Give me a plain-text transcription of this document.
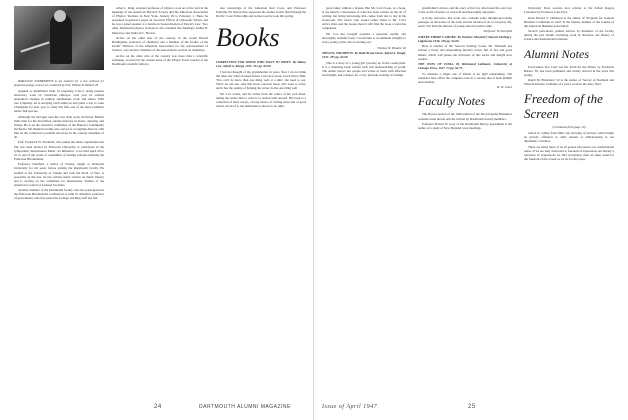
BAROLOGY EXPERIMENTS to get material for a new textbook for proposed geology courses are conducted by Prof. William W. Ballard '28

graphed or multilithed form. In preparing it he is doing pioneer laboratory work on vertebrate embryos. Last year he studied anatomical changes in salmon, salamander, trout, and others. With rare sympathy, he is studying pitch embryos and plans a trip to Lake Champlain for next year to study bill fish, one of the most primitive native fish species.

Although the biologist uses his own slide work, Professor Ballard finds time for his diversified outside interests in music, drawing, and bridge. He is on the executive committee of the Hanover Community Orchestra. Mr. Ballard recently also served as a longtime director with him on the conductor's problem and plays in the country ensemble of all.

Prof. Frederick W. Sternfeld, who joined the music department last fall, has been invited by Princeton University to participate in the symposium, 'Renaissance Music: its Influence,' to be held April 20 to 25 as one of the series of assemblies of leading scholars marking the Princeton Bicentennial.

Professor Sternfeld, a native of Vienna, taught at Wesleyan University for six years before joining the Dartmouth faculty. He studied at the University of Vienna and took his Ph.D. at Yale. A specialist on the lute, he has written many articles on music history and is serving on the committee for Renaissance Studies of the American Council of Learned Societies.

Another member of the Dartmouth faculty who has participated in the Princeton Bicentennial conferences is John W. Masland, professor of government, who has joined the College teaching staff last fall.

Allen L. King, assistant professor of physics, took an active part in the meetings of the American Physical Society and the American Association of Physics Teachers in New York, January 29 to February 1. There he presented in general a paper on 'Acoustic Effects of Ultrasonic Waves' and he was a panel speaker at a forum on 'Generalization of Pascal's Law.' Two other Dartmouth physics professors also attended the meetings: Arthur B. Meservey and Sanborn C. Brown.

Active on the other side of the country, in the recent Harold Burlingame, professor of chemistry and a member of the faculty of the Pacific Division of the American Association for the Advancement of Science, was elected a member of the Association's section on chemistry.

Active on the other side of the country was more than a scientific exchange, as noted in the current issue of the Thayer Ferris Journal of the Dartmouth scientific fellows.

also knowledge of the American Red Cross, and Professor Emeritus Eli Stewart has supported his studies in this field through the Pacific Coast Fellowship and lecture tour he took this spring.

Books

CORRECTION FOR THOSE WHO WANT TO WRITE. By Sidney Cox. Alfred A. Knopf, 1947. 211 pp. $3.00.

I had not thought of my grandmother in years. Now I do not think the other day what I looked before Cox's new book. Good Old to Him. 'You can't do more than one thing well at a time' she used to say. That's an old one. And this book concerns those who want to write, and it has the quality of helping the writer do the one thing well.

Mr. Cox writes, and he writes from the center of his own mind, telling the reader that to write is to reckon with oneself. His book is a collection of short essays, of long letters, of writing notes and of good advice. In all of it, the individual is shown to be right.

good talker without a license. But Mr. Cox's book, as a book, is not merely a discussion of what has been written on the art of writing, but living knowledge that comes from day to day in the classroom. The writer who would rather listen to Mr. Cox's advice than read the books about it will find the book a welcome companion.

Mr. Cox has brought together a personal, useful, and thoroughly readable book. I would like to recommend it highly to every young writer who is starting out.

Thomas W. Braden '40

MOVING TRUMPETS. By Ruth Bryan Owen. Alfred A. Knopf, 1947. 297 pp. $3.00.

This is a story of a young girl growing up in the countryside. It is a charming book written with real understanding of youth. The author knows her people and writes of them with affection and insight, and it makes for a very pleasant evening of reading.

grandfather's advice, and the story of the boy who found his own way to the world of letters, is well told and thoroughly enjoyable.

A lively narrative, this book also contains some thought-provoking passages on the nature of the artist and the relation of art to everyday life, and it will hold the interest of young and old readers alike.

Professor W. Sternfeld

WHERE THERE'S SMOKE. By Prentice Winchell ('Stewart Sterling'). Lippincott, 1946. 216 pp. $2.00.

Here is another of the 'Stewart Sterling' books. Mr. Winchell has written a lively and entertaining mystery novel, full of fire and good humor, which will please the followers of this series and delight new readers.

THE ONES OF INDIA. By Richmond Lattimore. University of Chicago Press, 1947. 73 pp. $2.75.

To translate a single ode of Pindar is no light undertaking. The translator here offers the complete odes in a version that is both faithful and readable.

R. W. Jones

Faculty Notes

The Flower section of the 1946 edition of the Encyclopedia Britannica contains some eleven articles written by Dartmouth faculty members.

Professor Robert W. Gray of the Dartmouth history department is the author of a study of New England town meetings.

University Press execute nice articles to the Alfred Rogers Literature by Professor Lane Frye.

Dean Harold V. Olmstead is the author of 'Program for General Business Conditions in 1947' in the January number of the Journal of the American Banking Association.

Several periodicals printed articles by members of the faculty during the past month, including work in literature, the history of science and international relations.

Alumni Notes

Everywhere You Can't Get the Truth for the Times, by Frederick Barnes '36, has been published and widely noticed in the press this spring.

Ralph M. Blanchard '12 is the author of 'Survey of Northern and Western Dairies', bulletins of a year's work in the dairy field.

Freedom of the Screen

(Continued from page 19)

tration in calling from films any showing of pictures which might be gravely offensive to other nations or embarrassing to our diplomatic activities.

There are many more of us all people who know our constitutional sense. If we are truly dedicated to freedom of expression, not merely a tolerance of expressions we find acceptable, then we must stand for the freedom of the screen as we do for the press.

24	DARTMOUTH ALUMNI MAGAZINE	Issue of April 1947	25
